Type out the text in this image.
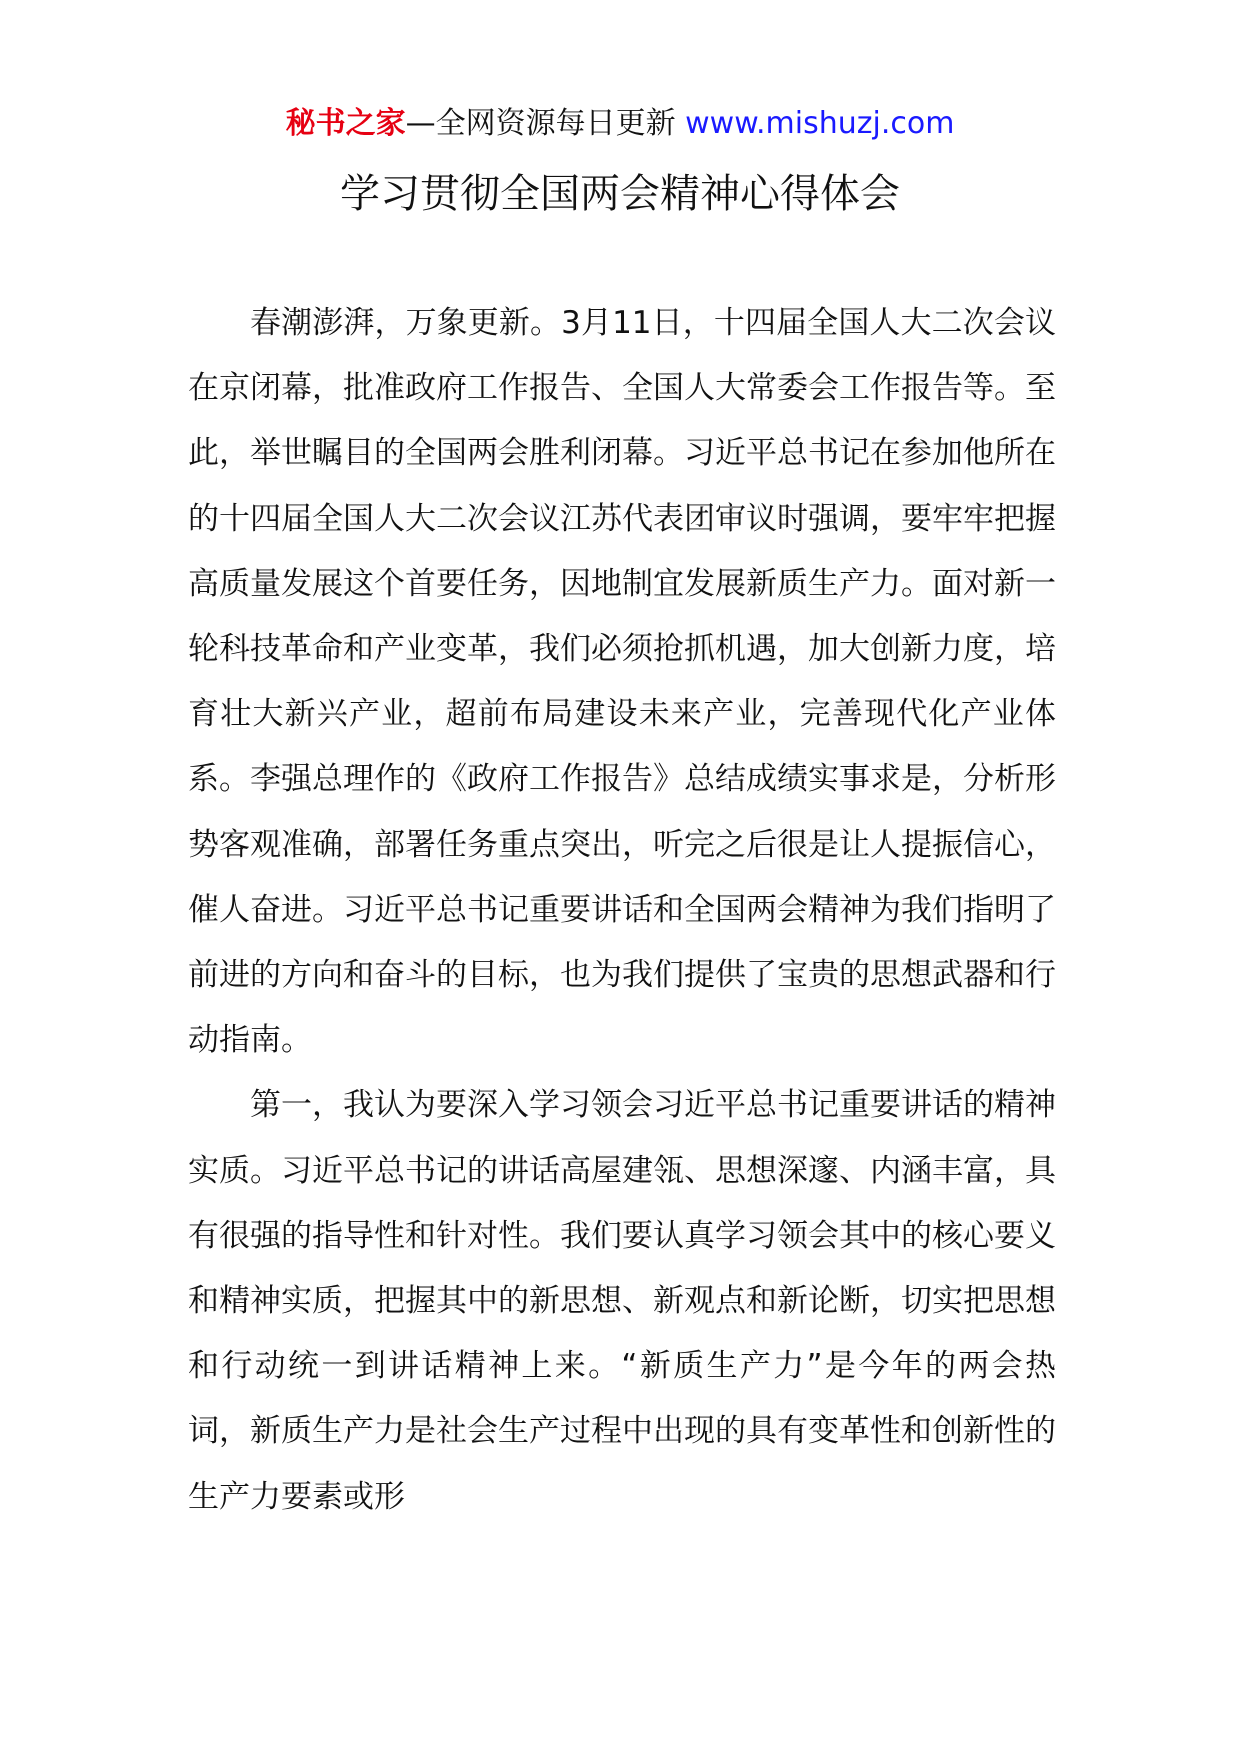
秘书之家—全网资源每日更新 www.mishuzj.com
学习贯彻全国两会精神心得体会

春潮澎湃，万象更新。3月11日，十四届全国人大二次会议在京闭幕，批准政府工作报告、全国人大常委会工作报告等。至此，举世瞩目的全国两会胜利闭幕。习近平总书记在参加他所在的十四届全国人大二次会议江苏代表团审议时强调，要牢牢把握高质量发展这个首要任务，因地制宜发展新质生产力。面对新一轮科技革命和产业变革，我们必须抢抓机遇，加大创新力度，培育壮大新兴产业，超前布局建设未来产业，完善现代化产业体系。李强总理作的《政府工作报告》总结成绩实事求是，分析形势客观准确，部署任务重点突出，听完之后很是让人提振信心，催人奋进。习近平总书记重要讲话和全国两会精神为我们指明了前进的方向和奋斗的目标，也为我们提供了宝贵的思想武器和行动指南。

第一，我认为要深入学习领会习近平总书记重要讲话的精神实质。习近平总书记的讲话高屋建瓴、思想深邃、内涵丰富，具有很强的指导性和针对性。我们要认真学习领会其中的核心要义和精神实质，把握其中的新思想、新观点和新论断，切实把思想和行动统一到讲话精神上来。“新质生产力”是今年的两会热词，新质生产力是社会生产过程中出现的具有变革性和创新性的生产力要素或形
